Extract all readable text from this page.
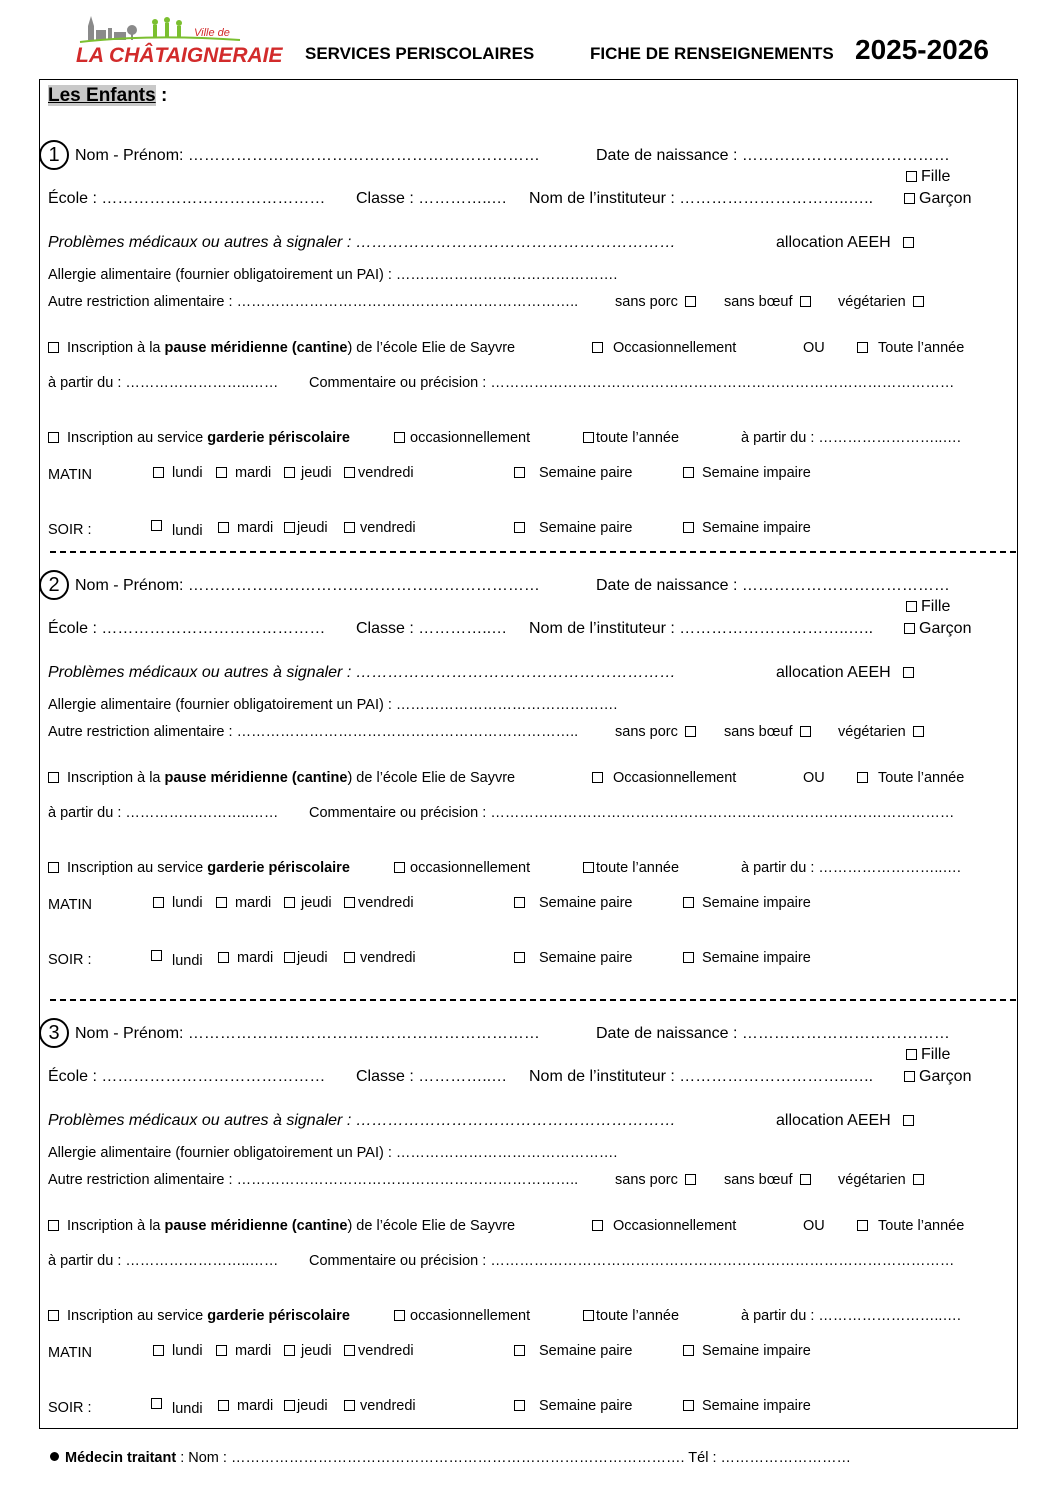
LA CHÂTAIGNERAIE
Ville de
SERVICES PERISCOLAIRES	FICHE DE RENSEIGNEMENTS 2025-2026
Les Enfants :
1 Nom - Prénom: …………………………………………………………	Date de naissance : …………………………………
Fille
École : …………………………………… Classe : …………..… Nom de l’instituteur : …………………………..…..	Garçon
Problèmes médicaux ou autres à signaler : ……………………………………………………	allocation AEEH
Allergie alimentaire (fournier obligatoirement un PAI) : ……………………………………….
Autre restriction alimentaire : ……………………………………………………………..	sans porc	sans bœuf	végétarien
Inscription à la pause méridienne (cantine) de l’école Elie de Sayvre	Occasionnellement	OU	Toute l’année
à partir du : ……………………..…… Commentaire ou précision : ……………………………………………………………………………………
Inscription au service garderie périscolaire	occasionnellement	toute l’année	à partir du : ……………………..….
MATIN	lundi	mardi	jeudi	vendredi	Semaine paire	Semaine impaire
SOIR :	lundi	mardi	jeudi	vendredi	Semaine paire	Semaine impaire
2 Nom - Prénom: …………………………………………………………	Date de naissance : …………………………………
Fille
École : …………………………………… Classe : …………..… Nom de l’instituteur : …………………………..…..	Garçon
Problèmes médicaux ou autres à signaler : ……………………………………………………	allocation AEEH
Allergie alimentaire (fournier obligatoirement un PAI) : ……………………………………….
Autre restriction alimentaire : ……………………………………………………………..	sans porc	sans bœuf	végétarien
Inscription à la pause méridienne (cantine) de l’école Elie de Sayvre	Occasionnellement	OU	Toute l’année
à partir du : ……………………..…… Commentaire ou précision : ……………………………………………………………………………………
Inscription au service garderie périscolaire	occasionnellement	toute l’année	à partir du : ……………………..….
MATIN	lundi	mardi	jeudi	vendredi	Semaine paire	Semaine impaire
SOIR :	lundi	mardi	jeudi	vendredi	Semaine paire	Semaine impaire
3 Nom - Prénom: …………………………………………………………	Date de naissance : …………………………………
Fille
École : …………………………………… Classe : …………..… Nom de l’instituteur : …………………………..…..	Garçon
Problèmes médicaux ou autres à signaler : ……………………………………………………	allocation AEEH
Allergie alimentaire (fournier obligatoirement un PAI) : ……………………………………….
Autre restriction alimentaire : ……………………………………………………………..	sans porc	sans bœuf	végétarien
Inscription à la pause méridienne (cantine) de l’école Elie de Sayvre	Occasionnellement	OU	Toute l’année
à partir du : ……………………..…… Commentaire ou précision : ……………………………………………………………………………………
Inscription au service garderie périscolaire	occasionnellement	toute l’année	à partir du : ……………………..….
MATIN	lundi	mardi	jeudi	vendredi	Semaine paire	Semaine impaire
SOIR :	lundi	mardi	jeudi	vendredi	Semaine paire	Semaine impaire
Médecin traitant : Nom : …………………………………………………………………………………. Tél : ………………………
